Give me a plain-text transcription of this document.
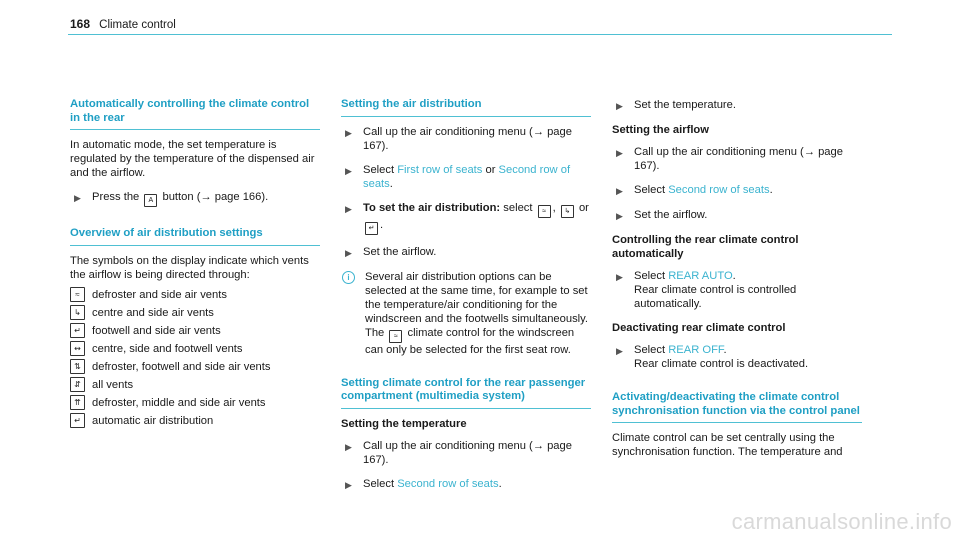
168 Climate control
Automatically controlling the climate control in the rear

In automatic mode, the set temperature is regulated by the temperature of the dispensed air and the airflow.

▶ Press the A button (→ page 166).
Overview of air distribution settings

The symbols on the display indicate which vents the airflow is being directed through:

≈	defroster and side air vents
↳ centre and side air vents
↵ footwell and side air vents
↭ centre, side and footwell vents
⇅ defroster, footwell and side air vents
⇵ all vents
⇈ defroster, middle and side air vents
↵ automatic air distribution
Setting the air distribution
▶ Call up the air conditioning menu (→ page 167).
▶ Select First row of seats or Second row of seats.
▶ To set the air distribution: select ≈ , ↳ or ↵ .
▶ Set the airflow.
i	Several air distribution options can be selected at the same time, for example to set the temperature/air conditioning for the windscreen and the footwells simultaneously.
The ≈ climate control for the windscreen can only be selected for the first seat row.
Setting climate control for the rear passenger compartment (multimedia system)
Setting the temperature
▶ Call up the air conditioning menu (→ page 167).
▶ Select Second row of seats.
▶ Set the temperature.
Setting the airflow
▶ Call up the air conditioning menu (→ page 167).
▶ Select Second row of seats.
▶ Set the airflow.
Controlling the rear climate control automatically
▶ Select REAR AUTO.
Rear climate control is controlled automatically.
Deactivating rear climate control
▶ Select REAR OFF.
Rear climate control is deactivated.
Activating/deactivating the climate control synchronisation function via the control panel

Climate control can be set centrally using the synchronisation function. The temperature and

carmanualsonline.info
